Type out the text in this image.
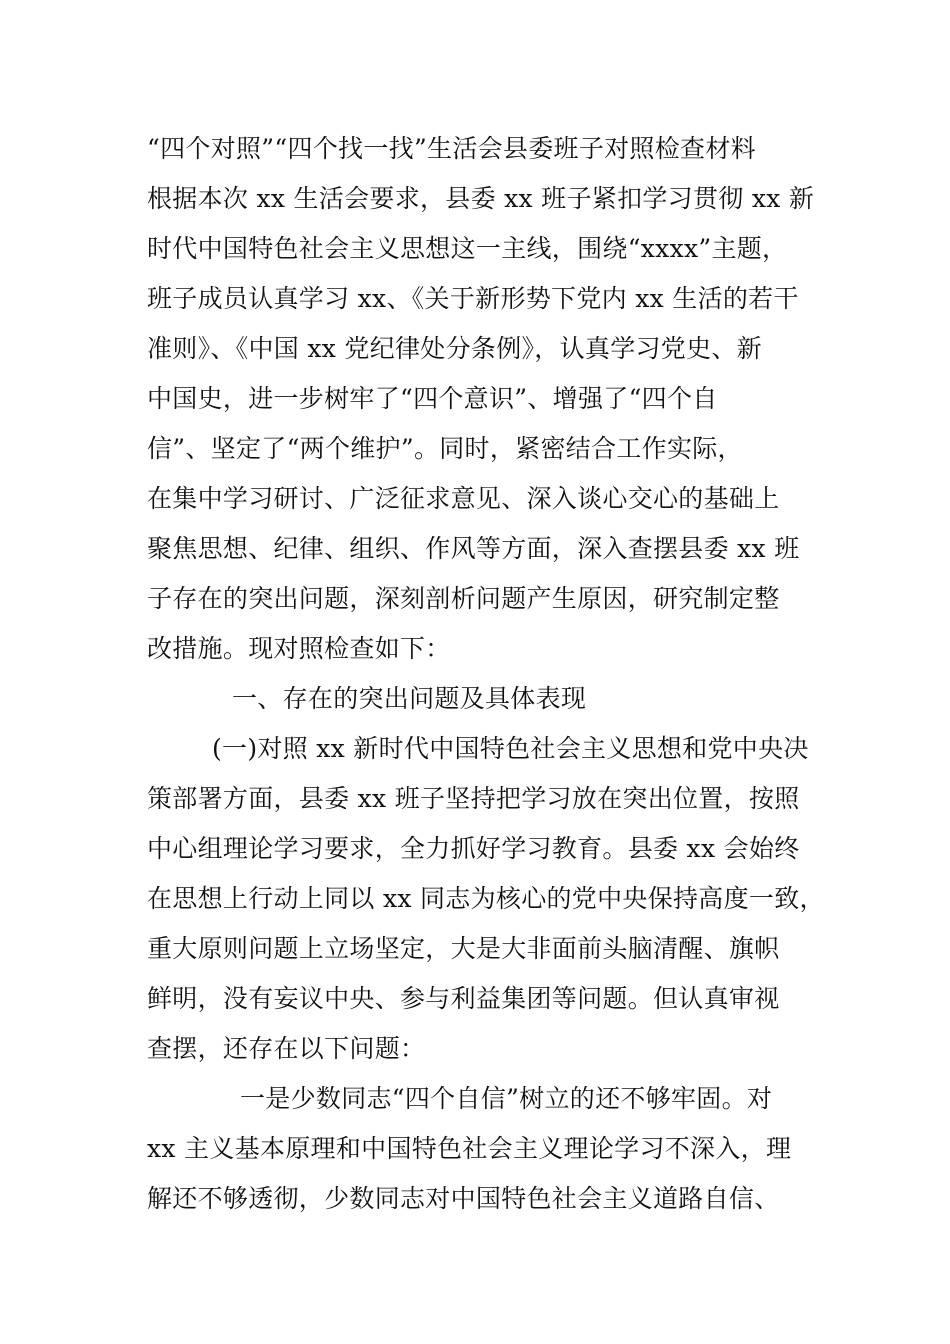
“四个对照”“四个找一找”生活会县委班子对照检查材料
根据本次 xx 生活会要求，县委 xx 班子紧扣学习贯彻 xx 新
时代中国特色社会主义思想这一主线，围绕“xxxx”主题，
班子成员认真学习 xx、《关于新形势下党内 xx 生活的若干
准则》、《中国 xx 党纪律处分条例》，认真学习党史、新
中国史，进一步树牢了“四个意识”、增强了“四个自
信”、坚定了“两个维护”。同时，紧密结合工作实际，
在集中学习研讨、广泛征求意见、深入谈心交心的基础上
聚焦思想、纪律、组织、作风等方面，深入查摆县委 xx 班
子存在的突出问题，深刻剖析问题产生原因，研究制定整
改措施。现对照检查如下：
一、存在的突出问题及具体表现
(一)对照 xx 新时代中国特色社会主义思想和党中央决
策部署方面，县委 xx 班子坚持把学习放在突出位置，按照
中心组理论学习要求，全力抓好学习教育。县委 xx 会始终
在思想上行动上同以 xx 同志为核心的党中央保持高度一致，
重大原则问题上立场坚定，大是大非面前头脑清醒、旗帜
鲜明，没有妄议中央、参与利益集团等问题。但认真审视
查摆，还存在以下问题：
一是少数同志“四个自信”树立的还不够牢固。对
xx 主义基本原理和中国特色社会主义理论学习不深入，理
解还不够透彻，少数同志对中国特色社会主义道路自信、
